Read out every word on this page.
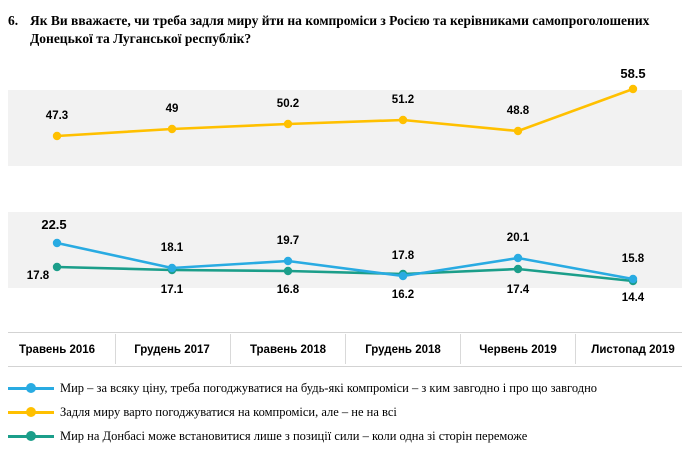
6. Як Ви вважаєте, чи треба задля миру йти на компроміси з Росією та керівниками самопроголошених Донецької та Луганської республік?
47.3
49	50.2	51.2
48.8
58.5
22.5
18.1
19.7
17.8
20.1
15.8
17.8
17.1	16.8	16.2	17.4
14.4
Травень 2016	Грудень 2017	Травень 2018	Грудень 2018	Червень 2019	Листопад 2019
Мир – за всяку ціну, треба погоджуватися на будь-які компроміси – з ким завгодно і про що завгодно
Задля миру варто погоджуватися на компроміси, але – не на всі
Мир на Донбасі може встановитися лише з позиції сили – коли одна зі сторін переможе
